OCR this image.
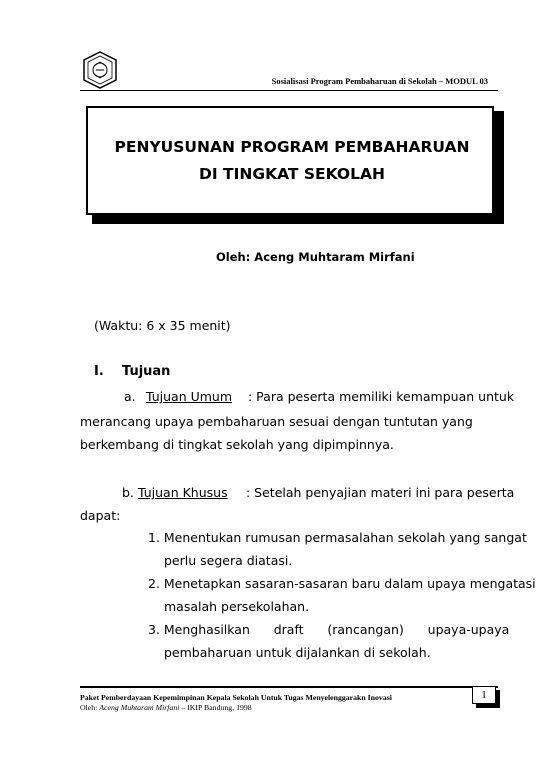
Sosialisasi Program Pembaharuan di Sekolah – MODUL 03
PENYUSUNAN PROGRAM PEMBAHARUAN
DI TINGKAT SEKOLAH
Oleh: Aceng Muhtaram Mirfani
(Waktu: 6 x 35 menit)
I. Tujuan
a. Tujuan Umum : Para peserta memiliki kemampuan untuk
merancang upaya pembaharuan sesuai dengan tuntutan yang
berkembang di tingkat sekolah yang dipimpinnya.
b. Tujuan Khusus : Setelah penyajian materi ini para peserta
dapat:
1. Menentukan rumusan permasalahan sekolah yang sangat
perlu segera diatasi.
2. Menetapkan sasaran-sasaran baru dalam upaya mengatasi
masalah persekolahan.
3. Menghasilkan      draft      (rancangan)      upaya-upaya
pembaharuan untuk dijalankan di sekolah.
Paket Pemberdayaan Kepemimpinan Kepala Sekolah Untuk Tugas Menyelenggarakn Inovasi
Oleh: Aceng Muhtaram Mirfani – IKIP Bandung, 1998
1
